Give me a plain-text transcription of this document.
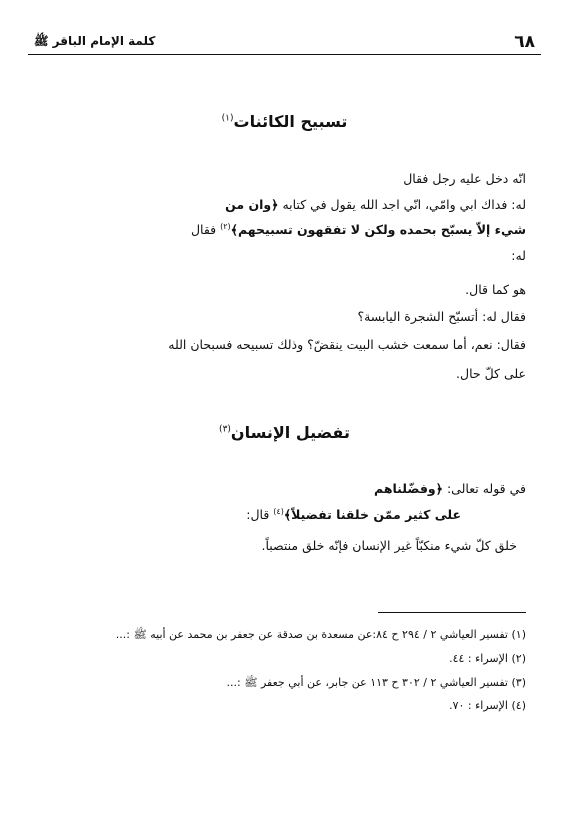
٦٨
كلمة الإمام الباقر ﷺ
تسبيح الكائنات$^{(١)}$
انّه دخل عليه رجل فقال
له: فداك ابي وامّي، انّي اجد الله يقول في كتابه ﴿وان من
شيء إلاّ يسبّح بحمده ولكن لا تفقهون تسبيحهم﴾$^{(٢)}$ فقال
له:
هو كما قال.
فقال له: أتسبّح الشجرة اليابسة؟
فقال: نعم، أما سمعت خشب البيت ينقضّ؟ وذلك تسبيحه فسبحان الله
على كلّ حال.
تفضيل الإنسان$^{(٣)}$
في قوله تعالى: ﴿وفضّلناهم
على كثير ممّن خلقنا تفضيلاً﴾$^{(٤)}$ قال:
خلق كلّ شيء منكبّاً غير الإنسان فإنّه خلق منتصباً.
(١) تفسير العياشي ٢ / ٢٩٤ ح ٨٤:عن مسعدة بن صدقة عن جعفر بن محمد عن أبيه ﷺ :...
(٢) الإسراء : ٤٤.
(٣) تفسير العياشي ٢ / ٣٠٢ ح ١١٣ عن جابر، عن أبي جعفر ﷺ :...
(٤) الإسراء : ٧٠.
